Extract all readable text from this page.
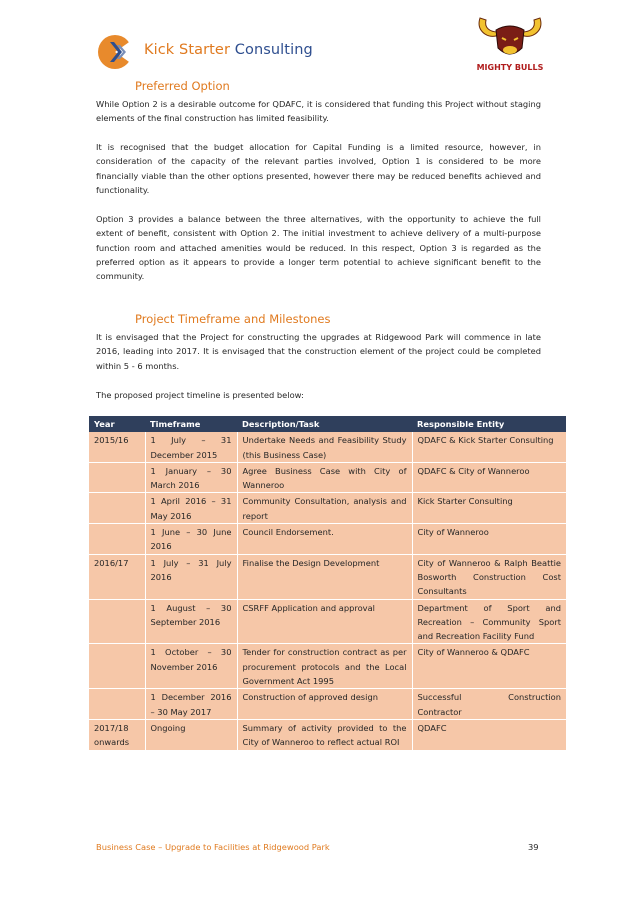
Kick Starter Consulting
MIGHTY BULLS
Preferred Option
While Option 2 is a desirable outcome for QDAFC, it is considered that funding this Project without staging elements of the final construction has limited feasibility.
It is recognised that the budget allocation for Capital Funding is a limited resource, however, in consideration of the capacity of the relevant parties involved, Option 1 is considered to be more financially viable than the other options presented, however there may be reduced benefits achieved and functionality.
Option 3 provides a balance between the three alternatives, with the opportunity to achieve the full extent of benefit, consistent with Option 2. The initial investment to achieve delivery of a multi-purpose function room and attached amenities would be reduced. In this respect, Option 3 is regarded as the preferred option as it appears to provide a longer term potential to achieve significant benefit to the community.
Project Timeframe and Milestones
It is envisaged that the Project for constructing the upgrades at Ridgewood Park will commence in late 2016, leading into 2017. It is envisaged that the construction element of the project could be completed within 5 - 6 months.
The proposed project timeline is presented below:
Year	Timeframe	Description/Task	Responsible Entity
2015/16	1 July – 31 December 2015	Undertake Needs and Feasibility Study (this Business Case)	QDAFC & Kick Starter Consulting
	1 January – 30 March 2016	Agree Business Case with City of Wanneroo	QDAFC & City of Wanneroo
	1 April 2016 – 31 May 2016	Community Consultation, analysis and report	Kick Starter Consulting
	1 June – 30 June 2016	Council Endorsement.	City of Wanneroo
2016/17	1 July – 31 July 2016	Finalise the Design Development	City of Wanneroo & Ralph Beattie Bosworth Construction Cost Consultants
	1 August – 30 September 2016	CSRFF Application and approval	Department of Sport and Recreation – Community Sport and Recreation Facility Fund
	1 October – 30 November 2016	Tender for construction contract as per procurement protocols and the Local Government Act 1995	City of Wanneroo & QDAFC
	1 December 2016 – 30 May 2017	Construction of approved design	Successful Construction Contractor
2017/18 onwards	Ongoing	Summary of activity provided to the City of Wanneroo to reflect actual ROI	QDAFC
Business Case – Upgrade to Facilities at Ridgewood Park	39
